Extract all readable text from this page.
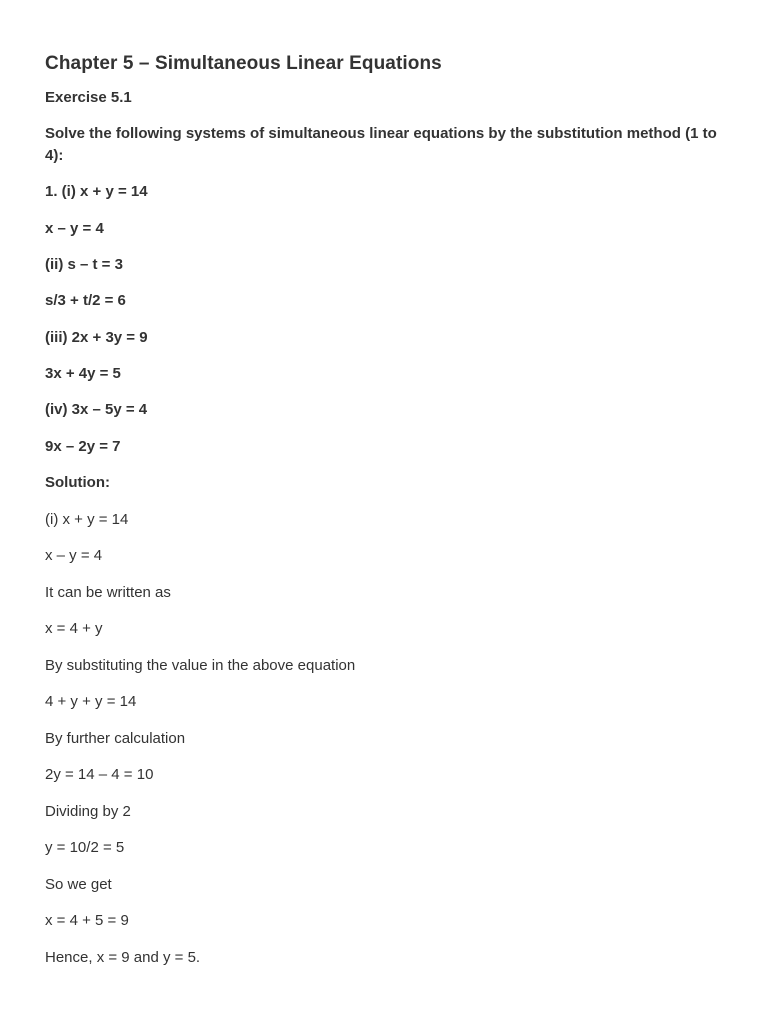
Chapter 5 – Simultaneous Linear Equations
Exercise 5.1
Solve the following systems of simultaneous linear equations by the substitution method (1 to 4):
1. (i) x + y = 14
x – y = 4
(ii) s – t = 3
s/3 + t/2 = 6
(iii) 2x + 3y = 9
3x + 4y = 5
(iv) 3x – 5y = 4
9x – 2y = 7
Solution:
(i) x + y = 14
x – y = 4
It can be written as
x = 4 + y
By substituting the value in the above equation
4 + y + y = 14
By further calculation
2y = 14 – 4 = 10
Dividing by 2
y = 10/2 = 5
So we get
x = 4 + 5 = 9
Hence, x = 9 and y = 5.
